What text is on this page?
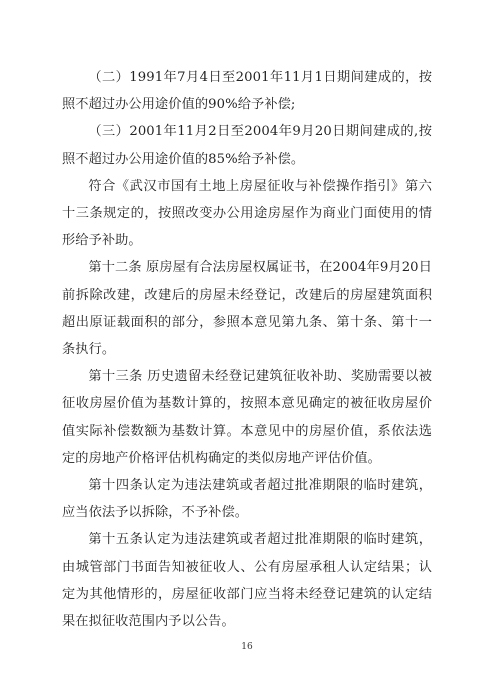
（二）1991年7月4日至2001年11月1日期间建成的，按照不超过办公用途价值的90%给予补偿;

（三）2001年11月2日至2004年9月20日期间建成的,按照不超过办公用途价值的85%给予补偿。

符合《武汉市国有土地上房屋征收与补偿操作指引》第六十三条规定的，按照改变办公用途房屋作为商业门面使用的情形给予补助。

第十二条 原房屋有合法房屋权属证书，在2004年9月20日前拆除改建，改建后的房屋未经登记，改建后的房屋建筑面积超出原证载面积的部分，参照本意见第九条、第十条、第十一条执行。

第十三条 历史遗留未经登记建筑征收补助、奖励需要以被征收房屋价值为基数计算的，按照本意见确定的被征收房屋价值实际补偿数额为基数计算。本意见中的房屋价值，系依法选定的房地产价格评估机构确定的类似房地产评估价值。

第十四条认定为违法建筑或者超过批准期限的临时建筑，应当依法予以拆除，不予补偿。

第十五条认定为违法建筑或者超过批准期限的临时建筑，由城管部门书面告知被征收人、公有房屋承租人认定结果；认定为其他情形的，房屋征收部门应当将未经登记建筑的认定结果在拟征收范围内予以公告。

16
